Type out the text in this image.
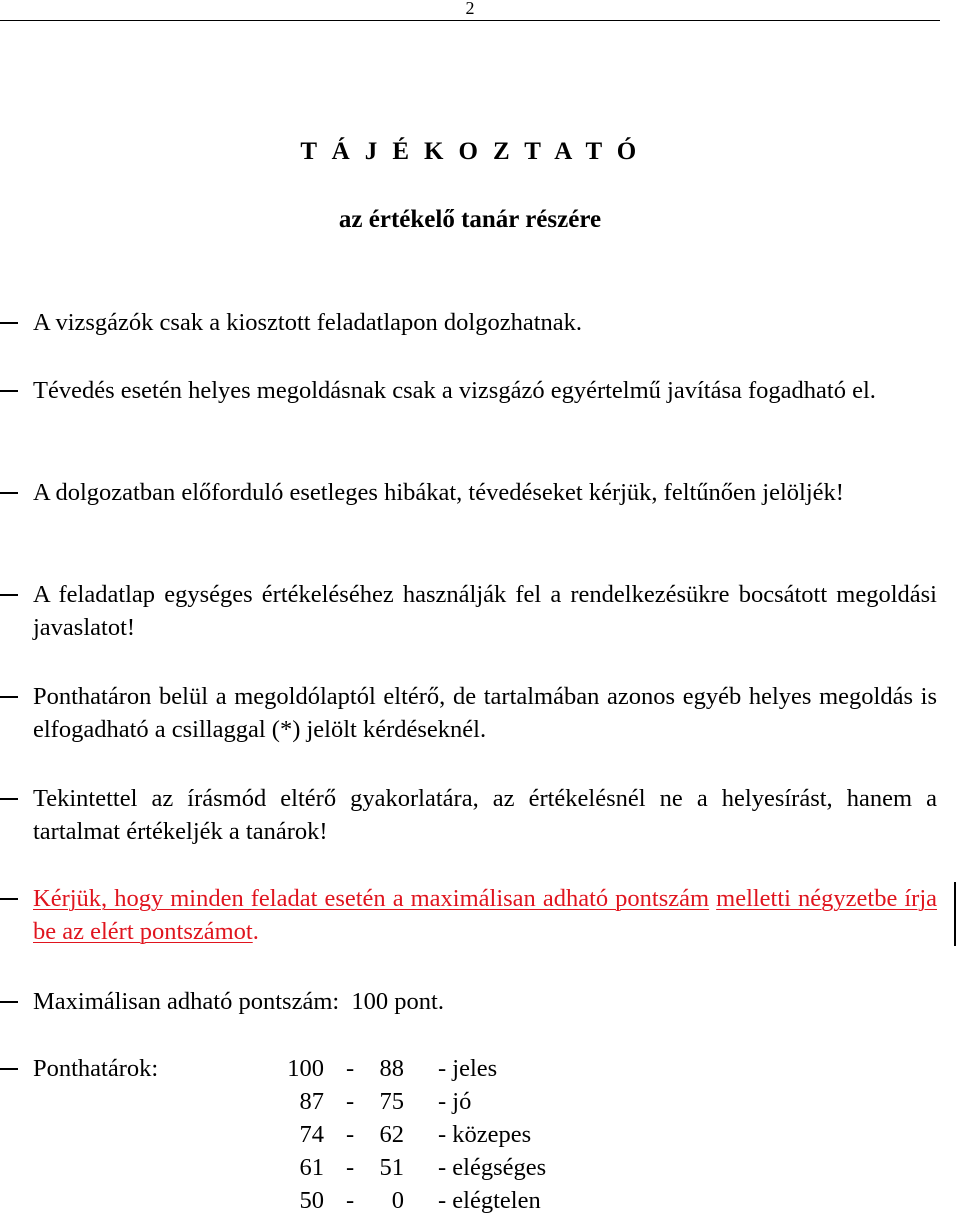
2
T Á J É K O Z T A T Ó
az értékelő tanár részére
A vizsgázók csak a kiosztott feladatlapon dolgozhatnak.
Tévedés esetén helyes megoldásnak csak a vizsgázó egyértelmű javítása fogadható el.
A dolgozatban előforduló esetleges hibákat, tévedéseket kérjük, feltűnően jelöljék!
A feladatlap egységes értékeléséhez használják fel a rendelkezésükre bocsátott megoldási javaslatot!
Ponthatáron belül a megoldólaptól eltérő, de tartalmában azonos egyéb helyes megoldás is elfogadható a csillaggal (*) jelölt kérdéseknél.
Tekintettel az írásmód eltérő gyakorlatára, az értékelésnél ne a helyesírást, hanem a tartalmat értékeljék a tanárok!
Kérjük, hogy minden feladat esetén a maximálisan adható pontszám melletti négyzetbe írja be az elért pontszámot.
Maximálisan adható pontszám:  100 pont.
Ponthatárok:	100 -	88 - jeles
87 -	75 - jó
74 -	62 - közepes
61 -	51 - elégséges
50 -	0 - elégtelen
